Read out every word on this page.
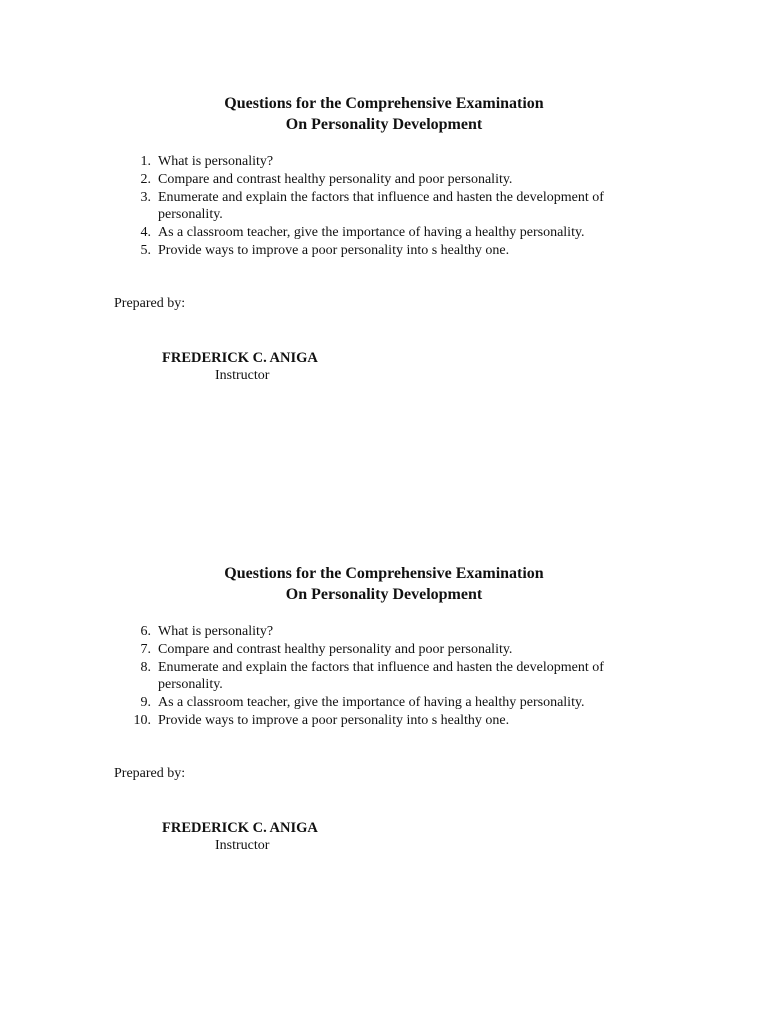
Questions for the Comprehensive Examination
On Personality Development
1. What is personality?
2. Compare and contrast healthy personality and poor personality.
3. Enumerate and explain the factors that influence and hasten the development of personality.
4. As a classroom teacher, give the importance of having a healthy personality.
5. Provide ways to improve a poor personality into s healthy one.
Prepared by:
FREDERICK C. ANIGA
Instructor
Questions for the Comprehensive Examination
On Personality Development
6. What is personality?
7. Compare and contrast healthy personality and poor personality.
8. Enumerate and explain the factors that influence and hasten the development of personality.
9. As a classroom teacher, give the importance of having a healthy personality.
10. Provide ways to improve a poor personality into s healthy one.
Prepared by:
FREDERICK C. ANIGA
Instructor
